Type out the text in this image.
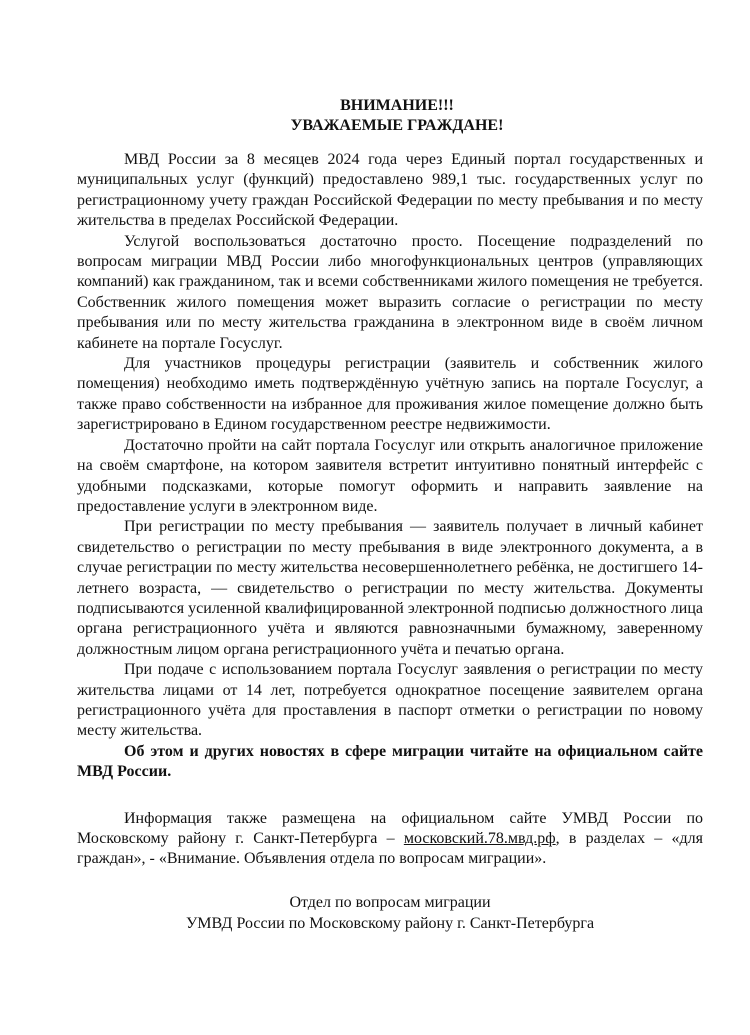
ВНИМАНИЕ!!!

УВАЖАЕМЫЕ ГРАЖДАНЕ!

МВД России за 8 месяцев 2024 года через Единый портал государственных и муниципальных услуг (функций) предоставлено 989,1 тыс. государственных услуг по регистрационному учету граждан Российской Федерации по месту пребывания и по месту жительства в пределах Российской Федерации.

Услугой воспользоваться достаточно просто. Посещение подразделений по вопросам миграции МВД России либо многофункциональных центров (управляющих компаний) как гражданином, так и всеми собственниками жилого помещения не требуется. Собственник жилого помещения может выразить согласие о регистрации по месту пребывания или по месту жительства гражданина в электронном виде в своём личном кабинете на портале Госуслуг.

Для участников процедуры регистрации (заявитель и собственник жилого помещения) необходимо иметь подтверждённую учётную запись на портале Госуслуг, а также право собственности на избранное для проживания жилое помещение должно быть зарегистрировано в Едином государственном реестре недвижимости.

Достаточно пройти на сайт портала Госуслуг или открыть аналогичное приложение на своём смартфоне, на котором заявителя встретит интуитивно понятный интерфейс с удобными подсказками, которые помогут оформить и направить заявление на предоставление услуги в электронном виде.

При регистрации по месту пребывания — заявитель получает в личный кабинет свидетельство о регистрации по месту пребывания в виде электронного документа, а в случае регистрации по месту жительства несовершеннолетнего ребёнка, не достигшего 14-летнего возраста, — свидетельство о регистрации по месту жительства. Документы подписываются усиленной квалифицированной электронной подписью должностного лица органа регистрационного учёта и являются равнозначными бумажному, заверенному должностным лицом органа регистрационного учёта и печатью органа.

При подаче с использованием портала Госуслуг заявления о регистрации по месту жительства лицами от 14 лет, потребуется однократное посещение заявителем органа регистрационного учёта для проставления в паспорт отметки о регистрации по новому месту жительства.

Об этом и других новостях в сфере миграции читайте на официальном сайте МВД России.

Информация также размещена на официальном сайте УМВД России по Московскому району г. Санкт-Петербурга – московский.78.мвд.рф, в разделах – «для граждан», - «Внимание. Объявления отдела по вопросам миграции».

Отдел по вопросам миграции
УМВД России по Московскому району г. Санкт-Петербурга
